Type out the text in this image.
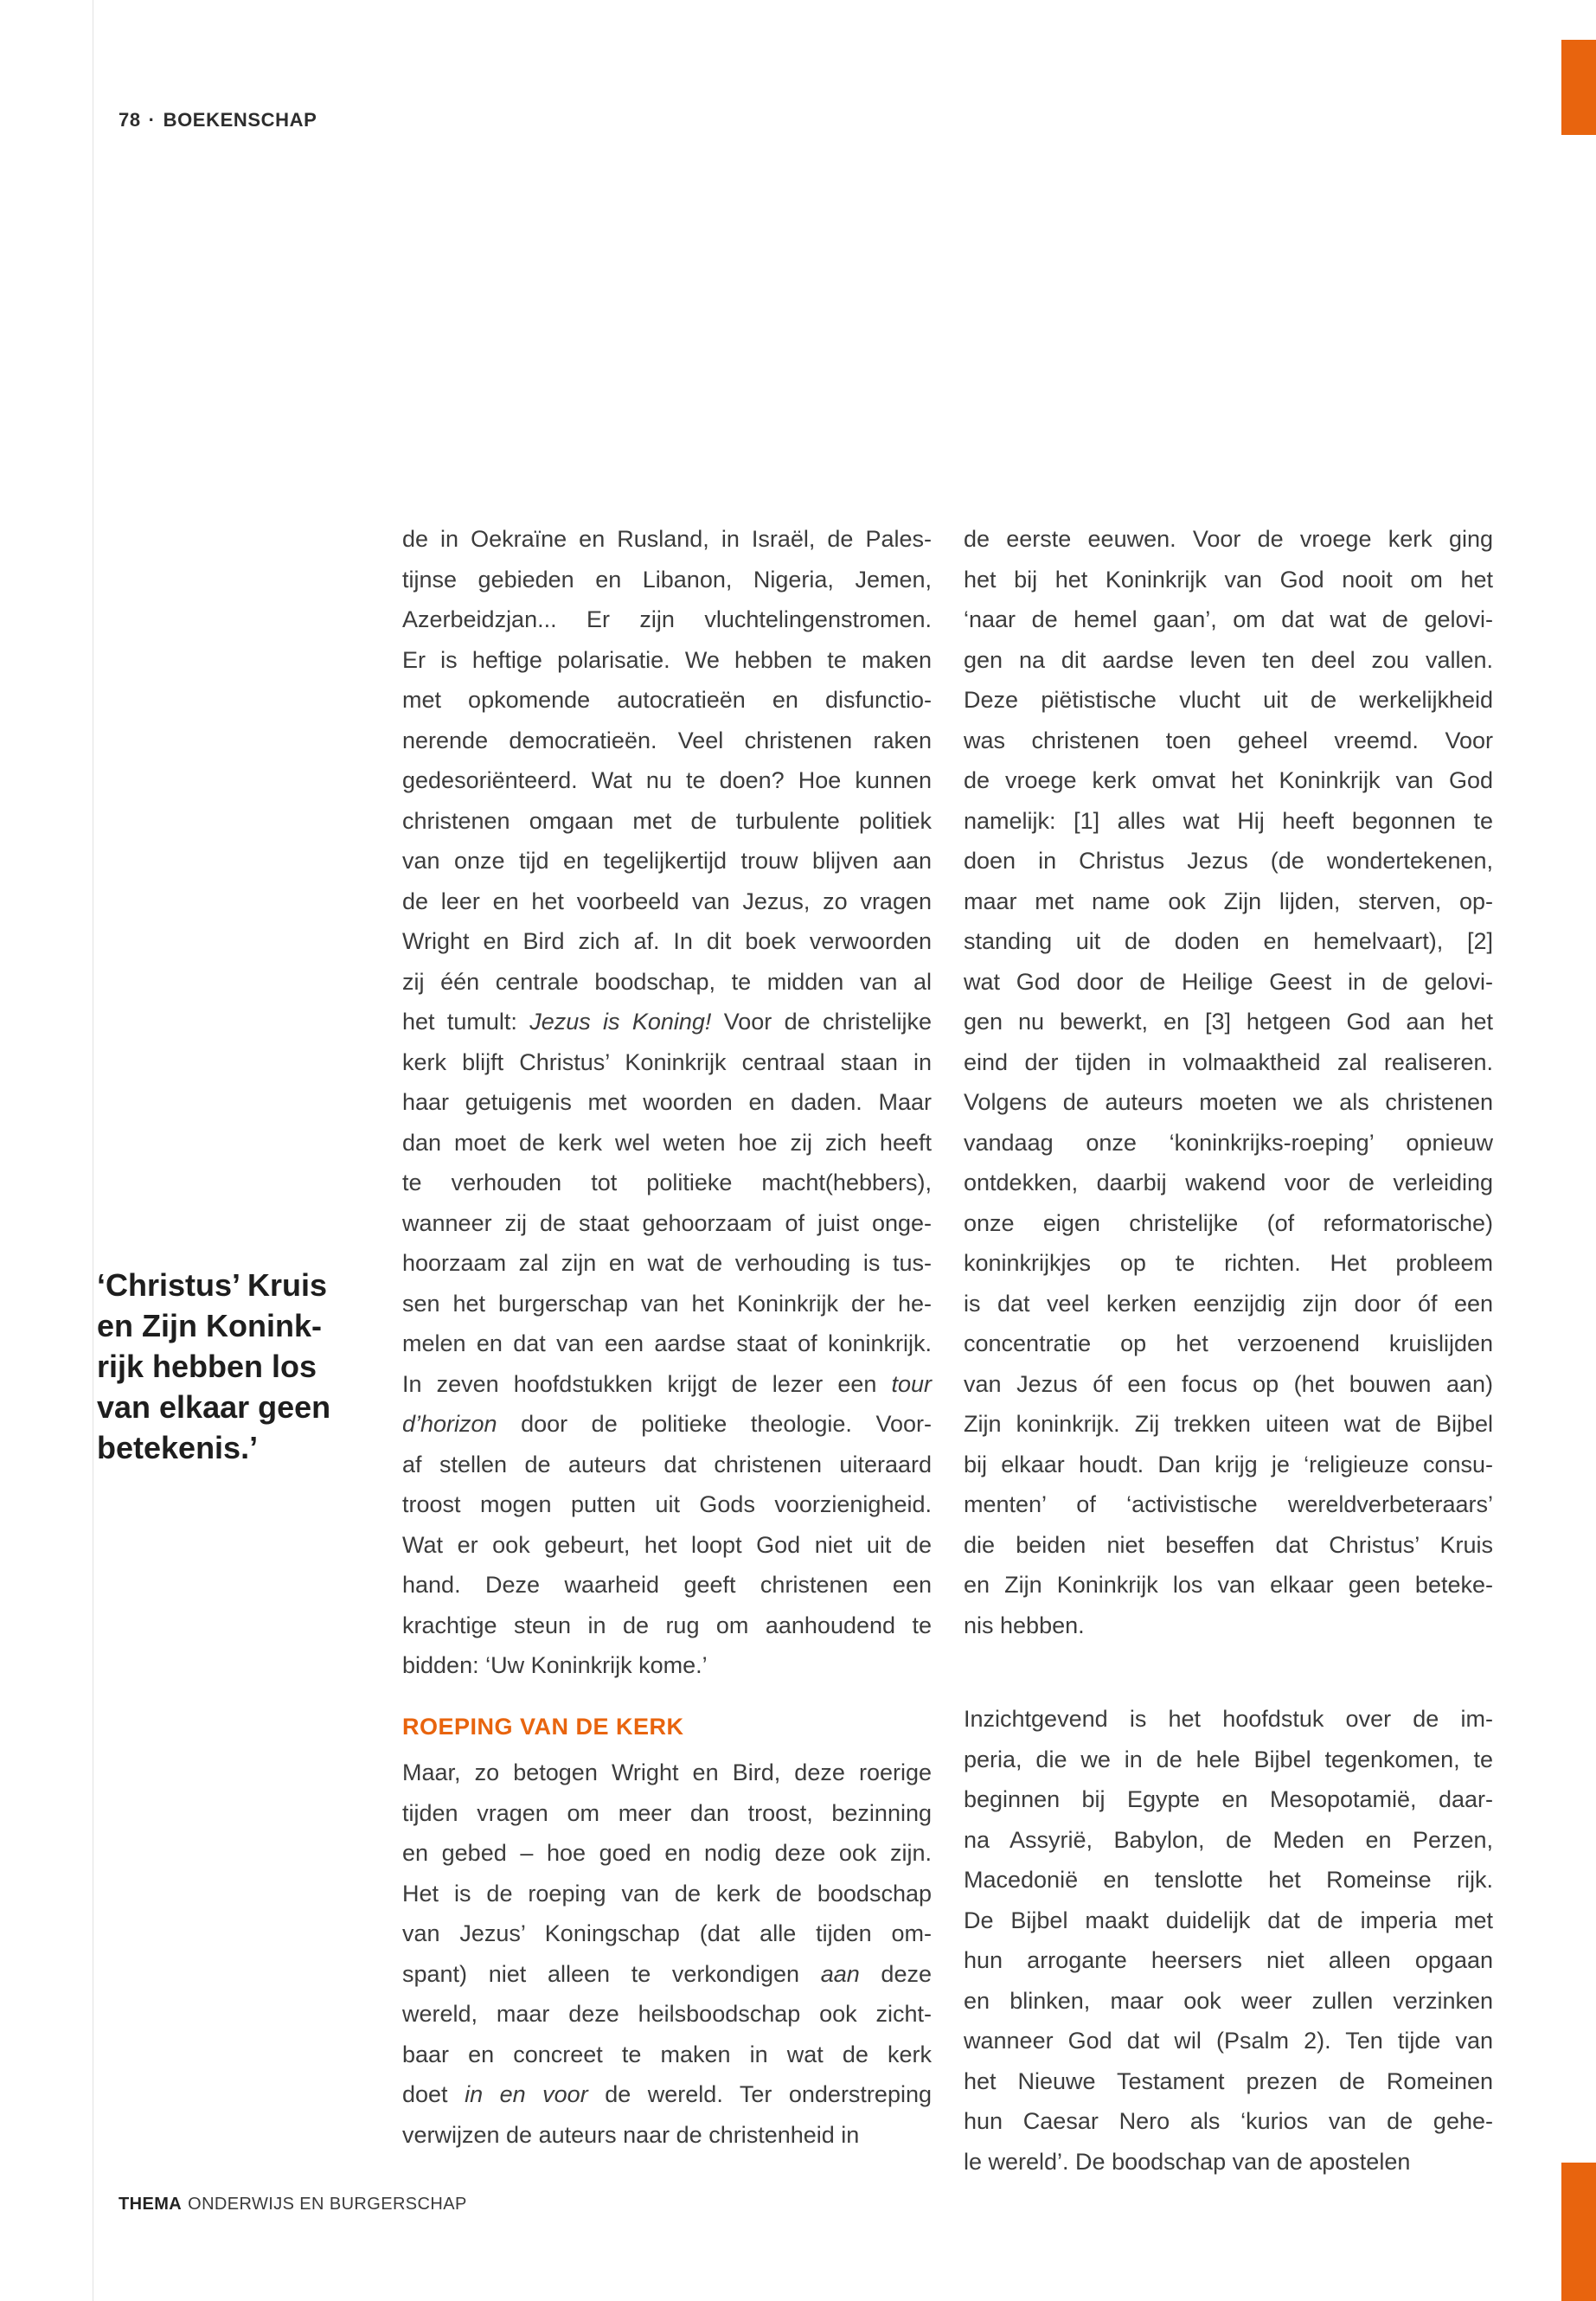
78 · BOEKENSCHAP
‘Christus’ Kruis
en Zijn Konink-
rijk hebben los
van elkaar geen
betekenis.’
de in Oekraïne en Rusland, in Israël, de Pales-
tijnse gebieden en Libanon, Nigeria, Jemen,
Azerbeidzjan... Er zijn vluchtelingenstromen.
Er is heftige polarisatie. We hebben te maken
met opkomende autocratieën en disfunctio-
nerende democratieën. Veel christenen raken
gedesoriënteerd. Wat nu te doen? Hoe kunnen
christenen omgaan met de turbulente politiek
van onze tijd en tegelijkertijd trouw blijven aan
de leer en het voorbeeld van Jezus, zo vragen
Wright en Bird zich af. In dit boek verwoorden
zij één centrale boodschap, te midden van al
het tumult: Jezus is Koning! Voor de christelijke
kerk blijft Christus’ Koninkrijk centraal staan in
haar getuigenis met woorden en daden. Maar
dan moet de kerk wel weten hoe zij zich heeft
te verhouden tot politieke macht(hebbers),
wanneer zij de staat gehoorzaam of juist onge-
hoorzaam zal zijn en wat de verhouding is tus-
sen het burgerschap van het Koninkrijk der he-
melen en dat van een aardse staat of koninkrijk.
In zeven hoofdstukken krijgt de lezer een tour
d’horizon door de politieke theologie. Voor-
af stellen de auteurs dat christenen uiteraard
troost mogen putten uit Gods voorzienigheid.
Wat er ook gebeurt, het loopt God niet uit de
hand. Deze waarheid geeft christenen een
krachtige steun in de rug om aanhoudend te
bidden: ‘Uw Koninkrijk kome.’
ROEPING VAN DE KERK
Maar, zo betogen Wright en Bird, deze roerige
tijden vragen om meer dan troost, bezinning
en gebed – hoe goed en nodig deze ook zijn.
Het is de roeping van de kerk de boodschap
van Jezus’ Koningschap (dat alle tijden om-
spant) niet alleen te verkondigen aan deze
wereld, maar deze heilsboodschap ook zicht-
baar en concreet te maken in wat de kerk
doet in en voor de wereld. Ter onderstreping
verwijzen de auteurs naar de christenheid in
de eerste eeuwen. Voor de vroege kerk ging
het bij het Koninkrijk van God nooit om het
‘naar de hemel gaan’, om dat wat de gelovi-
gen na dit aardse leven ten deel zou vallen.
Deze piëtistische vlucht uit de werkelijkheid
was christenen toen geheel vreemd. Voor
de vroege kerk omvat het Koninkrijk van God
namelijk: [1] alles wat Hij heeft begonnen te
doen in Christus Jezus (de wondertekenen,
maar met name ook Zijn lijden, sterven, op-
standing uit de doden en hemelvaart), [2]
wat God door de Heilige Geest in de gelovi-
gen nu bewerkt, en [3] hetgeen God aan het
eind der tijden in volmaaktheid zal realiseren.
Volgens de auteurs moeten we als christenen
vandaag onze ‘koninkrijks-roeping’ opnieuw
ontdekken, daarbij wakend voor de verleiding
onze eigen christelijke (of reformatorische)
koninkrijkjes op te richten. Het probleem
is dat veel kerken eenzijdig zijn door óf een
concentratie op het verzoenend kruislijden
van Jezus óf een focus op (het bouwen aan)
Zijn koninkrijk. Zij trekken uiteen wat de Bijbel
bij elkaar houdt. Dan krijg je ‘religieuze consu-
menten’ of ‘activistische wereldverbeteraars’
die beiden niet beseffen dat Christus’ Kruis
en Zijn Koninkrijk los van elkaar geen beteke-
nis hebben.
Inzichtgevend is het hoofdstuk over de im-
peria, die we in de hele Bijbel tegenkomen, te
beginnen bij Egypte en Mesopotamië, daar-
na Assyrië, Babylon, de Meden en Perzen,
Macedonië en tenslotte het Romeinse rijk.
De Bijbel maakt duidelijk dat de imperia met
hun arrogante heersers niet alleen opgaan
en blinken, maar ook weer zullen verzinken
wanneer God dat wil (Psalm 2). Ten tijde van
het Nieuwe Testament prezen de Romeinen
hun Caesar Nero als ‘kurios van de gehe-
le wereld’. De boodschap van de apostelen
THEMA ONDERWIJS EN BURGERSCHAP
